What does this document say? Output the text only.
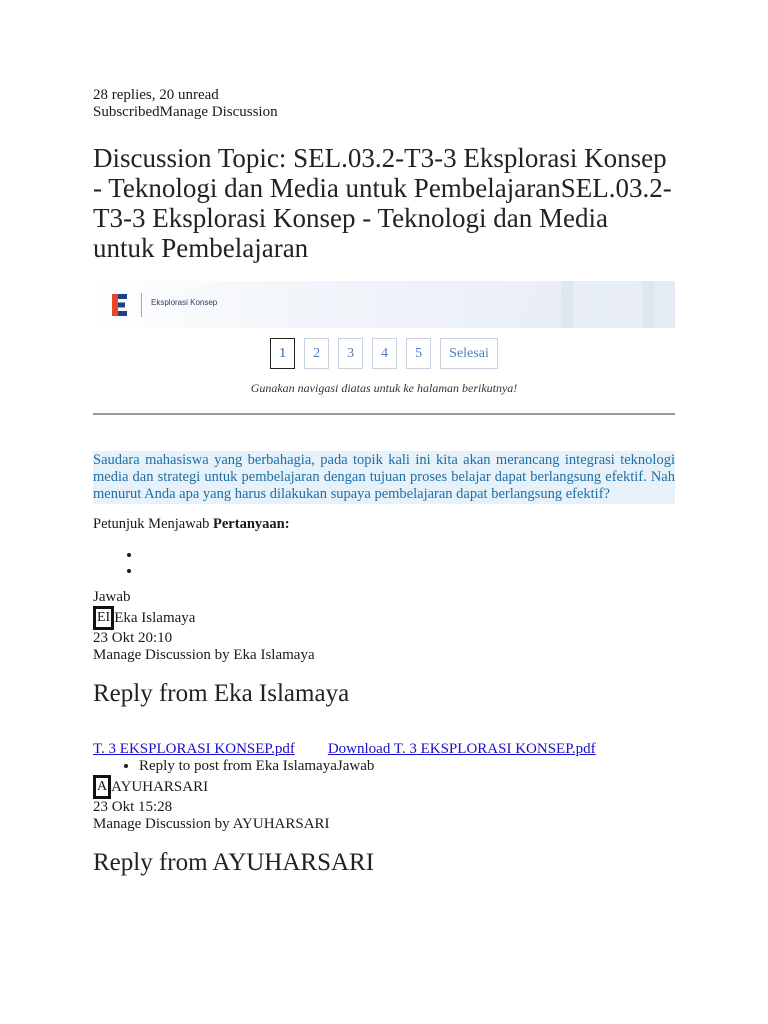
28 replies, 20 unread
SubscribedManage Discussion
Discussion Topic: SEL.03.2-T3-3 Eksplorasi Konsep - Teknologi dan Media untuk PembelajaranSEL.03.2-T3-3 Eksplorasi Konsep - Teknologi dan Media untuk Pembelajaran
Eksplorasi Konsep
1	2	3	4	5	Selesai
Gunakan navigasi diatas untuk ke halaman berikutnya!
Saudara mahasiswa yang berbahagia, pada topik kali ini kita akan merancang integrasi teknologi media dan strategi untuk pembelajaran dengan tujuan proses belajar dapat berlangsung efektif. Nah menurut Anda apa yang harus dilakukan supaya pembelajaran dapat berlangsung efektif?
Petunjuk Menjawab Pertanyaan:
•
•
Jawab
EI Eka Islamaya
23 Okt 20:10
Manage Discussion by Eka Islamaya
Reply from Eka Islamaya
T. 3 EKSPLORASI KONSEP.pdf Download T. 3 EKSPLORASI KONSEP.pdf
• Reply to post from Eka IslamayaJawab
A AYUHARSARI
23 Okt 15:28
Manage Discussion by AYUHARSARI
Reply from AYUHARSARI
